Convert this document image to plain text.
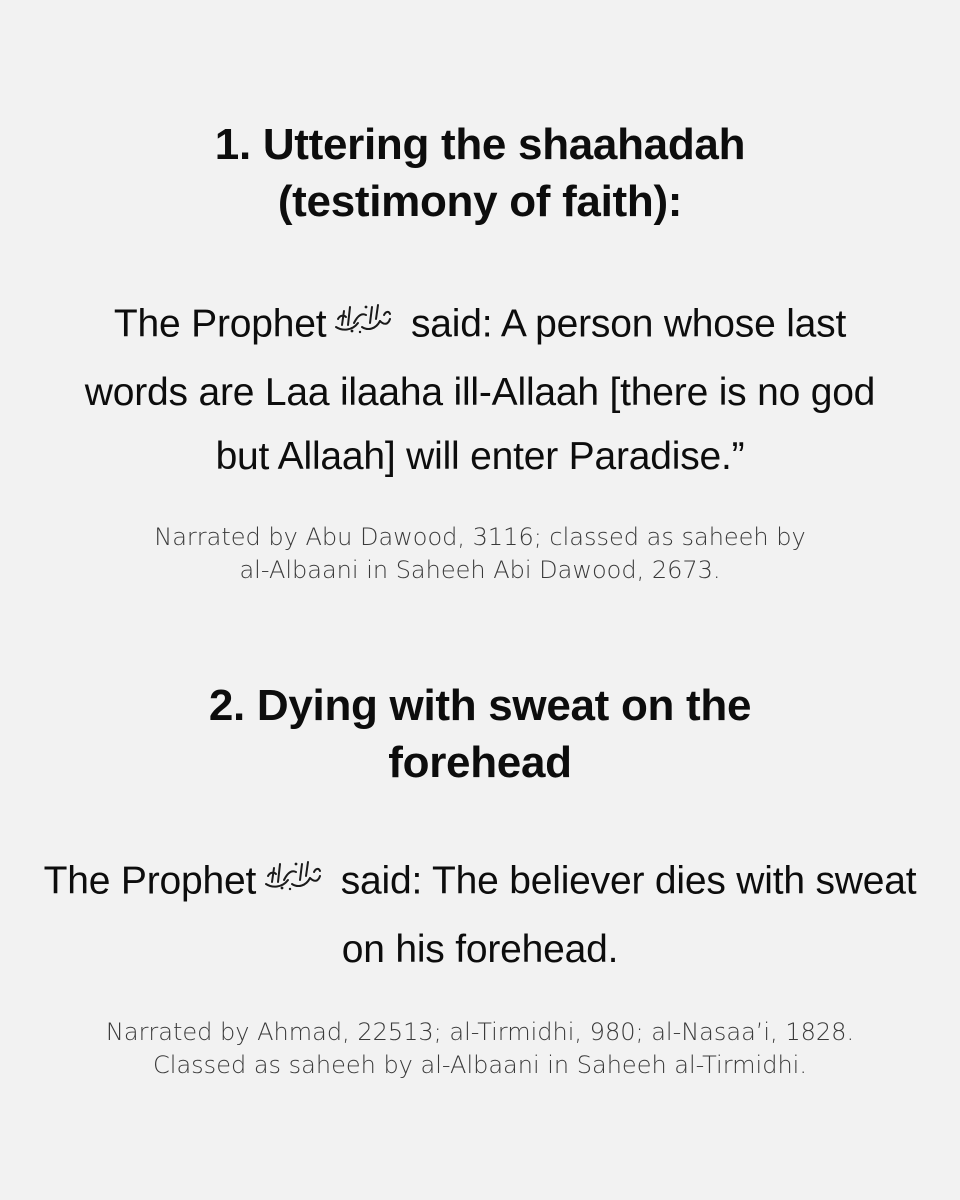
1. Uttering the shaahadah
(testimony of faith):
The Prophet said: A person whose last
words are Laa ilaaha ill-Allaah [there is no god
but Allaah] will enter Paradise.”
Narrated by Abu Dawood, 3116; classed as saheeh by
al-Albaani in Saheeh Abi Dawood, 2673.
2. Dying with sweat on the
forehead
The Prophet said: The believer dies with sweat
on his forehead.
Narrated by Ahmad, 22513; al-Tirmidhi, 980; al-Nasaa’i, 1828.
Classed as saheeh by al-Albaani in Saheeh al-Tirmidhi.
